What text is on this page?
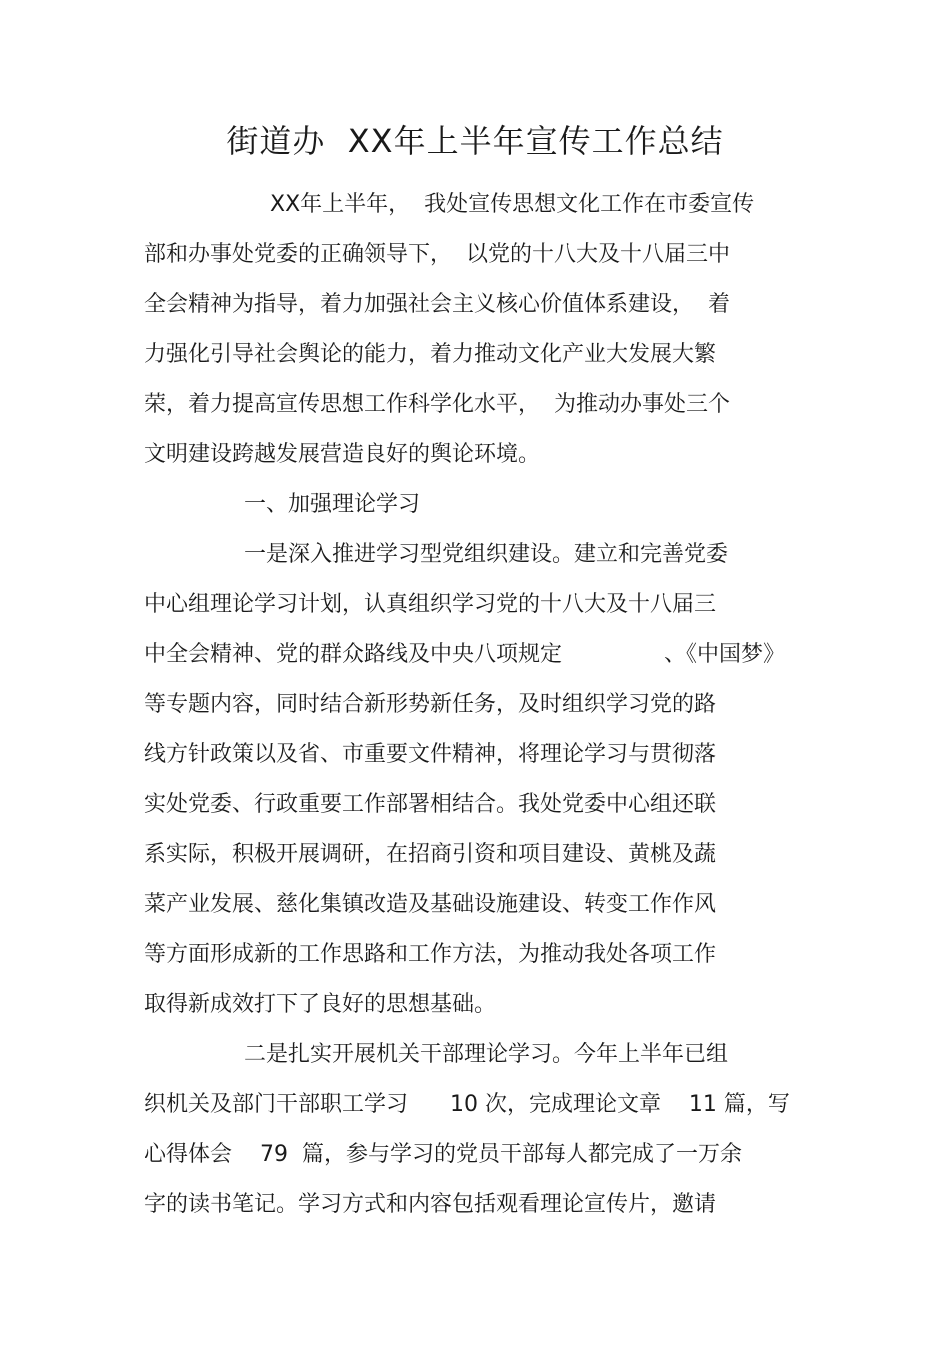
街道办  XX年上半年宣传工作总结
XX年上半年，  我处宣传思想文化工作在市委宣传
部和办事处党委的正确领导下，  以党的十八大及十八届三中
全会精神为指导，着力加强社会主义核心价值体系建设，  着
力强化引导社会舆论的能力，着力推动文化产业大发展大繁
荣，着力提高宣传思想工作科学化水平，  为推动办事处三个
文明建设跨越发展营造良好的舆论环境。
一、加强理论学习
一是深入推进学习型党组织建设。建立和完善党委
中心组理论学习计划，认真组织学习党的十八大及十八届三
中全会精神、党的群众路线及中央八项规定	、《中国梦》
等专题内容，同时结合新形势新任务，及时组织学习党的路
线方针政策以及省、市重要文件精神，将理论学习与贯彻落
实处党委、行政重要工作部署相结合。我处党委中心组还联
系实际，积极开展调研，在招商引资和项目建设、黄桃及蔬
菜产业发展、慈化集镇改造及基础设施建设、转变工作作风
等方面形成新的工作思路和工作方法，为推动我处各项工作
取得新成效打下了良好的思想基础。
二是扎实开展机关干部理论学习。今年上半年已组
织机关及部门干部职工学习      10 次，完成理论文章    11 篇，写
心得体会    79  篇，参与学习的党员干部每人都完成了一万余
字的读书笔记。学习方式和内容包括观看理论宣传片，邀请
